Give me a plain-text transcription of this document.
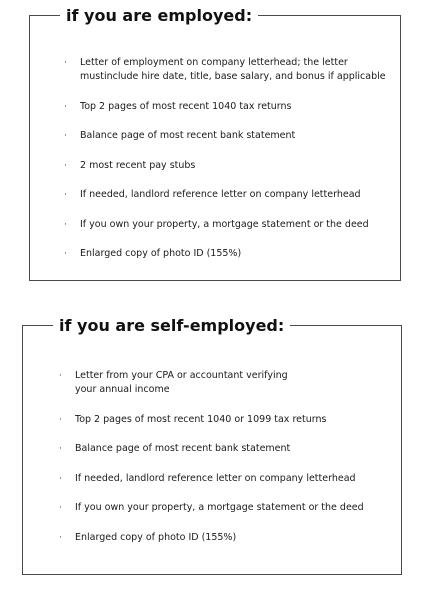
if you are employed:
· Letter of employment on company letterhead; the letter
mustinclude hire date, title, base salary, and bonus if applicable
· Top 2 pages of most recent 1040 tax returns
· Balance page of most recent bank statement
· 2 most recent pay stubs
· If needed, landlord reference letter on company letterhead
· If you own your property, a mortgage statement or the deed
· Enlarged copy of photo ID (155%)
if you are self-employed:
· Letter from your CPA or accountant verifying
your annual income
· Top 2 pages of most recent 1040 or 1099 tax returns
· Balance page of most recent bank statement
· If needed, landlord reference letter on company letterhead
· If you own your property, a mortgage statement or the deed
· Enlarged copy of photo ID (155%)
